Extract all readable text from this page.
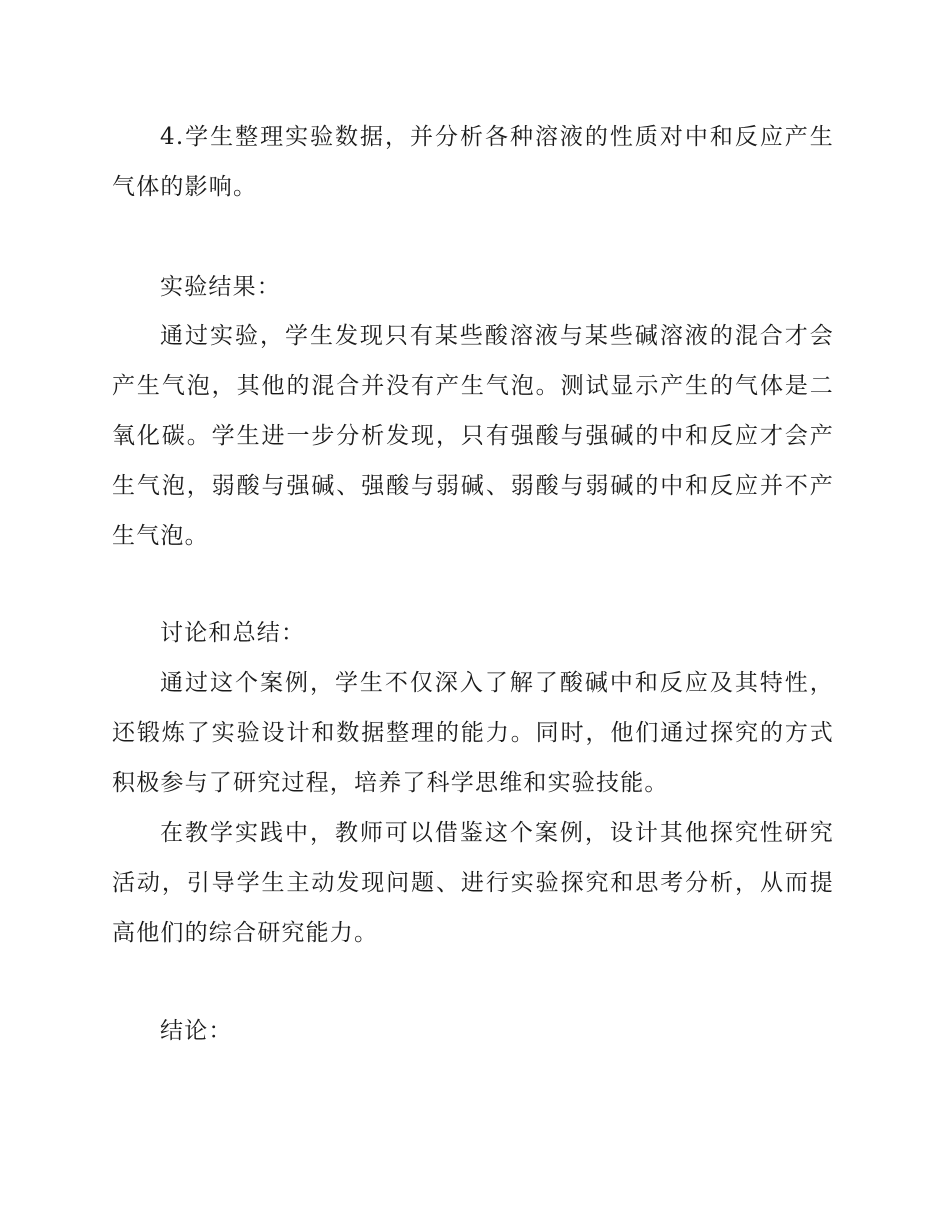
4.学生整理实验数据，并分析各种溶液的性质对中和反应产生气体的影响。

实验结果：

通过实验，学生发现只有某些酸溶液与某些碱溶液的混合才会产生气泡，其他的混合并没有产生气泡。测试显示产生的气体是二氧化碳。学生进一步分析发现，只有强酸与强碱的中和反应才会产生气泡，弱酸与强碱、强酸与弱碱、弱酸与弱碱的中和反应并不产生气泡。

讨论和总结：

通过这个案例，学生不仅深入了解了酸碱中和反应及其特性，还锻炼了实验设计和数据整理的能力。同时，他们通过探究的方式积极参与了研究过程，培养了科学思维和实验技能。

在教学实践中，教师可以借鉴这个案例，设计其他探究性研究活动，引导学生主动发现问题、进行实验探究和思考分析，从而提高他们的综合研究能力。

结论：
